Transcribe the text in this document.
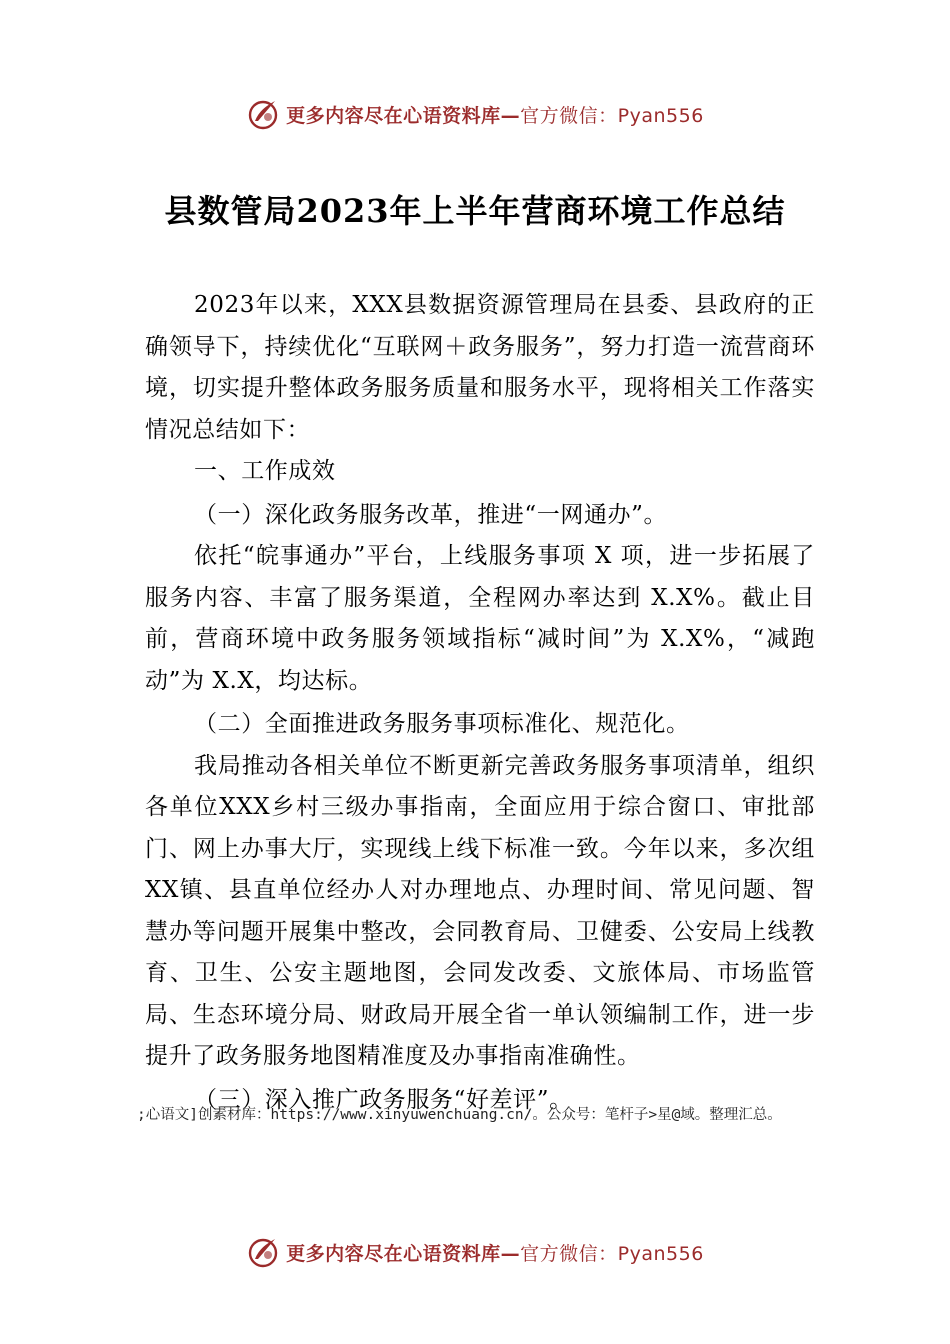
更多内容尽在心语资料库—官方微信：Pyan556
县数管局2023年上半年营商环境工作总结

2023年以来，XXX县数据资源管理局在县委、县政府的正确领导下，持续优化“互联网＋政务服务”，努力打造一流营商环境，切实提升整体政务服务质量和服务水平，现将相关工作落实情况总结如下：

一、工作成效

（一）深化政务服务改革，推进“一网通办”。

依托“皖事通办”平台，上线服务事项 X 项，进一步拓展了服务内容、丰富了服务渠道，全程网办率达到 X.X%。截止目前，营商环境中政务服务领域指标“减时间”为 X.X%，“减跑动”为 X.X，均达标。

（二）全面推进政务服务事项标准化、规范化。

我局推动各相关单位不断更新完善政务服务事项清单，组织各单位XXX乡村三级办事指南，全面应用于综合窗口、审批部门、网上办事大厅，实现线上线下标准一致。今年以来，多次组XX镇、县直单位经办人对办理地点、办理时间、常见问题、智慧办等问题开展集中整改，会同教育局、卫健委、公安局上线教育、卫生、公安主题地图，会同发改委、文旅体局、市场监管局、生态环境分局、财政局开展全省一单认领编制工作，进一步提升了政务服务地图精准度及办事指南准确性。

（三）深入推广政务服务“好差评”。

;心语文]创素材库：https://www.xinyuwenchuang.cn/。公众号：笔杆子>星@域。整理汇总。
更多内容尽在心语资料库—官方微信：Pyan556
